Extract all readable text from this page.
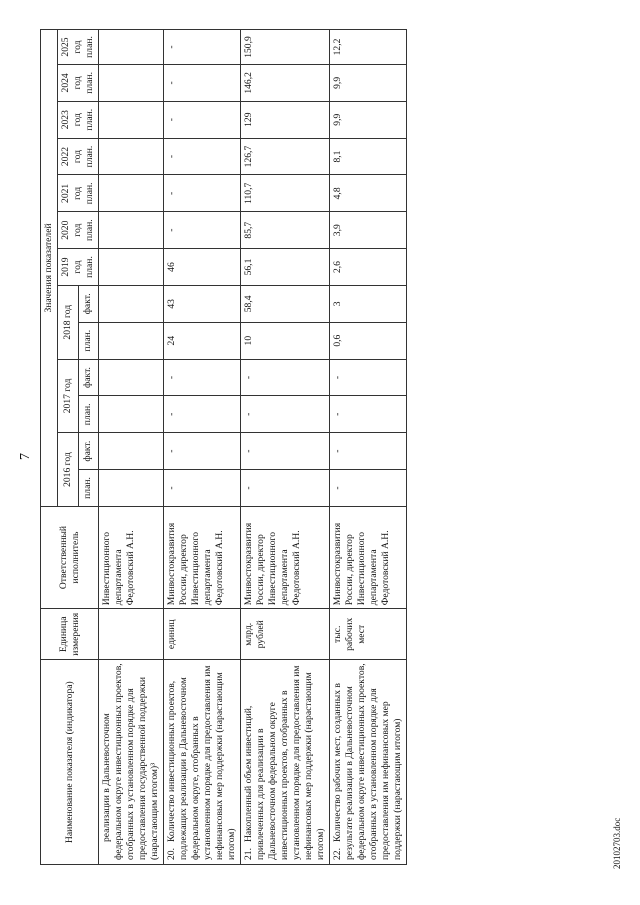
7
Наименование показателя (индикатора)	Единица измерения	Ответственный исполнитель	Значения показателей												
			2016 год		2017 год		2018 год		2019 год план.	2020 год план.	2021 год план.	2022 год план.	2023 год план.	2024 год план.	2025 год план.
			план.	факт.	план.	факт.	план.	факт.							
реализации в Дальневосточном федеральном округе инвестиционных проектов, отобранных в установленном порядке для предоставления государственной поддержки (нарастающим итогом)³		Инвестиционного департамента Федотовский А.Н.													
20.Количество инвестиционных проектов, подлежащих реализации в Дальневосточном федеральном округе, отобранных в установленном порядке для предоставления им нефинансовых мер поддержки (нарастающим итогом)	единиц	Минвостокразвития России, директор Инвестиционного департамента Федотовский А.Н.	-	-	-	-	24	43	46	-	-	-	-	-	-
21.Накопленный объем инвестиций, привлеченных для реализации в Дальневосточном федеральном округе инвестиционных проектов, отобранных в установленном порядке для предоставления им нефинансовых мер поддержки (нарастающим итогом)	млрд. рублей	Минвостокразвития России, директор Инвестиционного департамента Федотовский А.Н.	-	-	-	-	10	58,4	56,1	85,7	110,7	126,7	129	146,2	150,9
22.Количество рабочих мест, созданных в результате реализации в Дальневосточном федеральном округе инвестиционных проектов, отобранных в установленном порядке для предоставления им нефинансовых мер поддержки (нарастающим итогом)	тыс. рабочих мест	Минвостокразвития России, директор Инвестиционного департамента Федотовский А.Н.	-	-	-	-	0,6	3	2,6	3,9	4,8	8,1	9,9	9,9	12,2
20102703.doc
